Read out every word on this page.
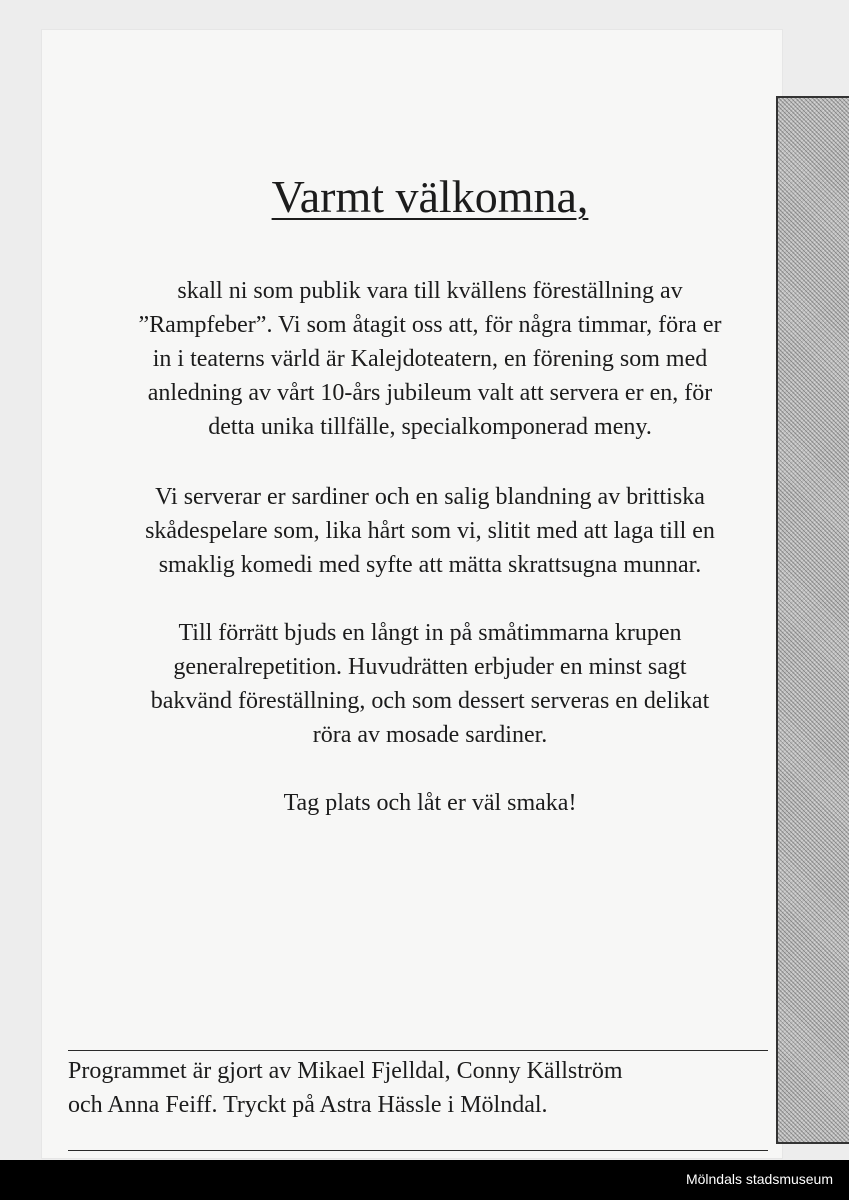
Varmt välkomna,
skall ni som publik vara till kvällens föreställning av
”Rampfeber”. Vi som åtagit oss att, för några timmar, föra er
in i teaterns värld är Kalejdoteatern, en förening som med
anledning av vårt 10-års jubileum valt att servera er en, för
detta unika tillfälle, specialkomponerad meny.
Vi serverar er sardiner och en salig blandning av brittiska
skådespelare som, lika hårt som vi, slitit med att laga till en
smaklig komedi med syfte att mätta skrattsugna munnar.
Till förrätt bjuds en långt in på småtimmarna krupen
generalrepetition. Huvudrätten erbjuder en minst sagt
bakvänd föreställning, och som dessert serveras en delikat
röra av mosade sardiner.
Tag plats och låt er väl smaka!
Programmet är gjort av Mikael Fjelldal, Conny Källström
och Anna Feiff. Tryckt på Astra Hässle i Mölndal.
Mölndals stadsmuseum
